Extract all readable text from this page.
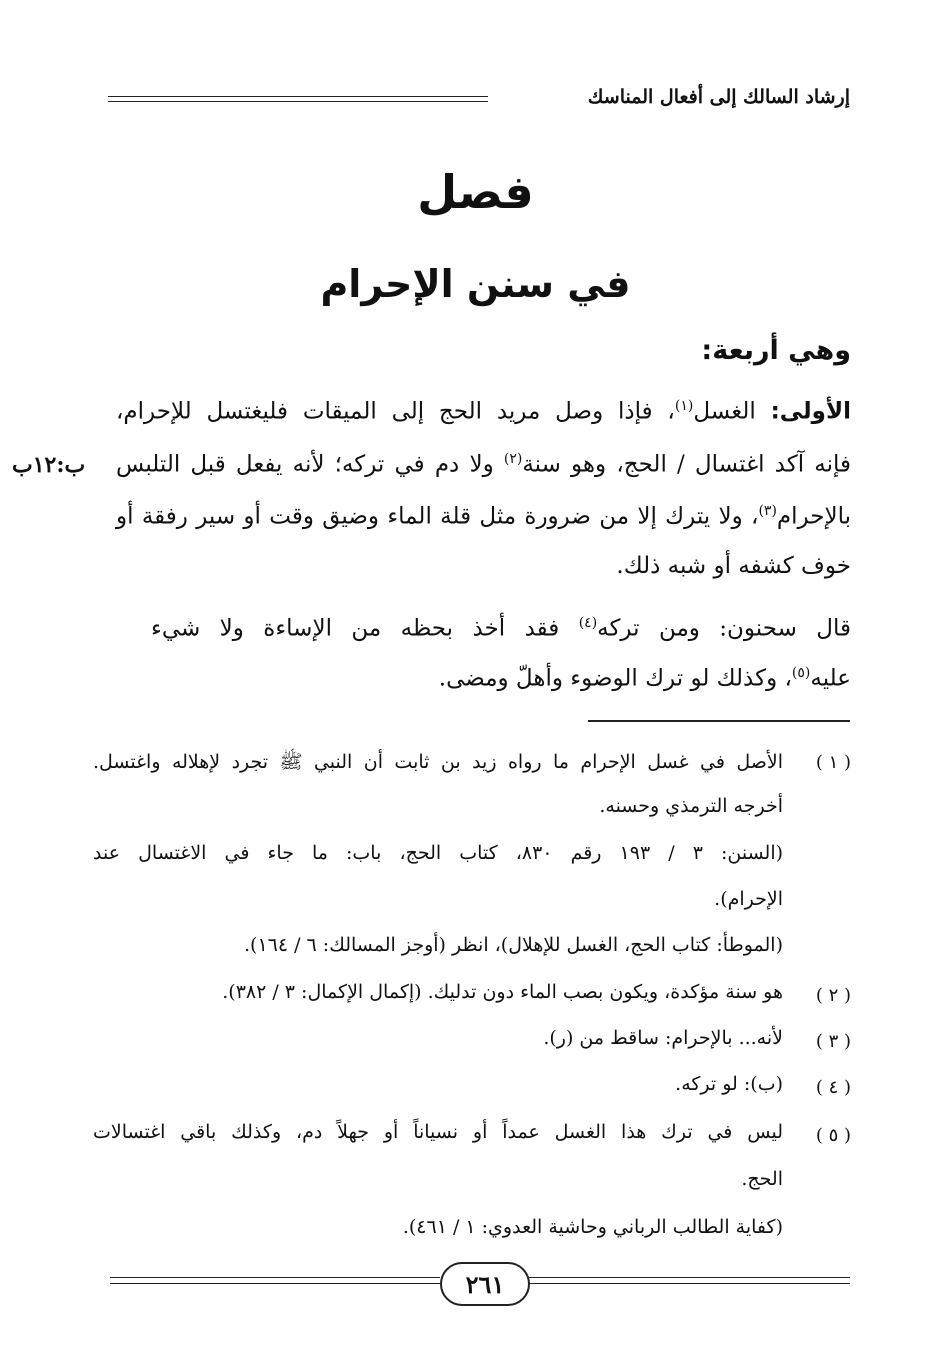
إرشاد السالك إلى أفعال المناسك
فصل
في سنن الإحرام
وهي أربعة:
الأولى: الغسل$^{(١)}$، فإذا وصل مريد الحج إلى الميقات فليغتسل للإحرام،
فإنه آكد اغتسال / الحج، وهو سنة$^{(٢)}$ ولا دم في تركه؛ لأنه يفعل قبل التلبس
بالإحرام$^{(٣)}$، ولا يترك إلا من ضرورة مثل قلة الماء وضيق وقت أو سير رفقة أو
خوف كشفه أو شبه ذلك.
ب:١٢ب
قال سحنون: ومن تركه$^{(٤)}$ فقد أخذ بحظه من الإساءة ولا شيء
عليه$^{(٥)}$، وكذلك لو ترك الوضوء وأهلّ ومضى.
( ١ )
الأصل في غسل الإحرام ما رواه زيد بن ثابت أن النبي ﷺ تجرد لإهلاله واغتسل.
أخرجه الترمذي وحسنه.
(السنن: ٣ / ١٩٣ رقم ٨٣٠، كتاب الحج، باب: ما جاء في الاغتسال عند
الإحرام).
(الموطأ: كتاب الحج، الغسل للإهلال)، انظر (أوجز المسالك: ٦ / ١٦٤).
( ٢ )
هو سنة مؤكدة، ويكون بصب الماء دون تدليك. (إكمال الإكمال: ٣ / ٣٨٢).
( ٣ )
لأنه... بالإحرام: ساقط من (ر).
( ٤ )
(ب): لو تركه.
( ٥ )
ليس في ترك هذا الغسل عمداً أو نسياناً أو جهلاً دم، وكذلك باقي اغتسالات
الحج.
(كفاية الطالب الرباني وحاشية العدوي: ١ / ٤٦١).
٢٦١
